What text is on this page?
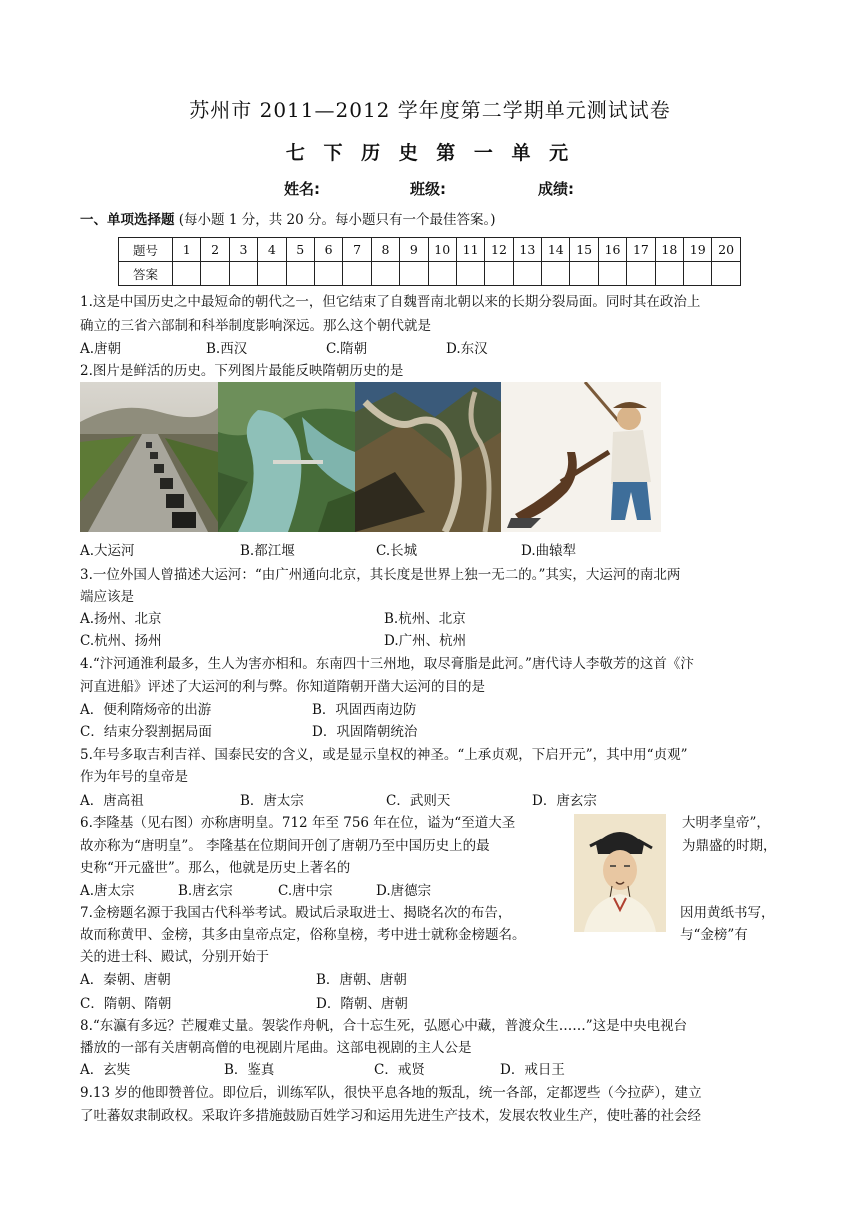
苏州市 2011—2012 学年度第二学期单元测试试卷
七 下 历 史 第 一 单 元
姓名:	班级:	成绩:
一、单项选择题 (每小题 1 分，共 20 分。每小题只有一个最佳答案。)
题号	1	2	3	4	5	6	7	8	9	10	11	12	13	14	15	16	17	18	19	20
答案																				
1.这是中国历史之中最短命的朝代之一，但它结束了自魏晋南北朝以来的长期分裂局面。同时其在政治上
确立的三省六部制和科举制度影响深远。那么这个朝代就是
A.唐朝	B.西汉	C.隋朝	D.东汉
2.图片是鲜活的历史。下列图片最能反映隋朝历史的是
A.大运河	B.都江堰	C.长城	D.曲辕犁
3.一位外国人曾描述大运河：“由广州通向北京，其长度是世界上独一无二的。”其实，大运河的南北两
端应该是
A.扬州、北京	B.杭州、北京
C.杭州、扬州	D.广州、杭州
4.“汴河通淮利最多，生人为害亦相和。东南四十三州地，取尽膏脂是此河。”唐代诗人李敬芳的这首《汴
河直进船》评述了大运河的利与弊。你知道隋朝开凿大运河的目的是
A．便利隋炀帝的出游	B．巩固西南边防
C．结束分裂割据局面	D．巩固隋朝统治
5.年号多取吉利吉祥、国泰民安的含义，或是显示皇权的神圣。“上承贞观，下启开元”，其中用“贞观”
作为年号的皇帝是
A．唐高祖	B．唐太宗	C．武则天	D．唐玄宗
6.李隆基（见右图）亦称唐明皇。712 年至 756 年在位，谥为“至道大圣	大明孝皇帝”，
故亦称为“唐明皇”。 李隆基在位期间开创了唐朝乃至中国历史上的最	为鼎盛的时期，
史称“开元盛世”。那么，他就是历史上著名的
A.唐太宗	B.唐玄宗	C.唐中宗	D.唐德宗
7.金榜题名源于我国古代科举考试。殿试后录取进士、揭晓名次的布告，	因用黄纸书写，
故而称黄甲、金榜，其多由皇帝点定，俗称皇榜，考中进士就称金榜题名。	与“金榜”有
关的进士科、殿试，分别开始于
A．秦朝、唐朝	B．唐朝、唐朝
C．隋朝、隋朝	D．隋朝、唐朝
8.“东瀛有多远？芒履难丈量。袈裟作舟帆，合十忘生死，弘愿心中藏，普渡众生……”这是中央电视台
播放的一部有关唐朝高僧的电视剧片尾曲。这部电视剧的主人公是
A．玄奘	B．鉴真	C．戒贤	D．戒日王
9.13 岁的他即赞普位。即位后，训练军队，很快平息各地的叛乱，统一各部，定都逻些（今拉萨），建立
了吐蕃奴隶制政权。采取许多措施鼓励百姓学习和运用先进生产技术，发展农牧业生产，使吐蕃的社会经
